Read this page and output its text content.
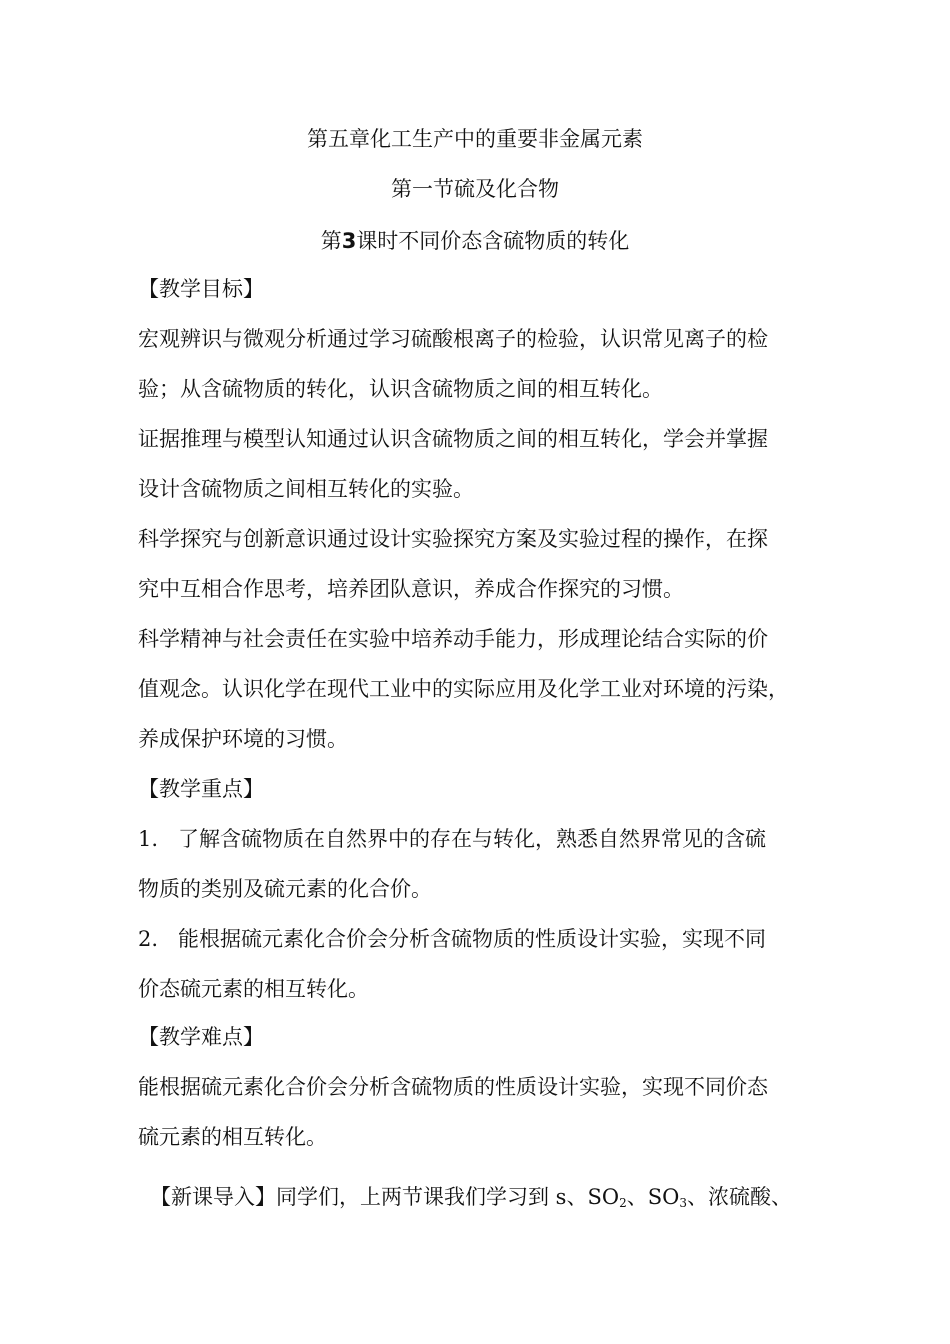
第五章化工生产中的重要非金属元素
第一节硫及化合物
第3课时不同价态含硫物质的转化
【教学目标】
宏观辨识与微观分析通过学习硫酸根离子的检验，认识常见离子的检
验；从含硫物质的转化，认识含硫物质之间的相互转化。
证据推理与模型认知通过认识含硫物质之间的相互转化，学会并掌握
设计含硫物质之间相互转化的实验。
科学探究与创新意识通过设计实验探究方案及实验过程的操作，在探
究中互相合作思考，培养团队意识，养成合作探究的习惯。
科学精神与社会责任在实验中培养动手能力，形成理论结合实际的价
值观念。认识化学在现代工业中的实际应用及化学工业对环境的污染，
养成保护环境的习惯。
【教学重点】
1. 了解含硫物质在自然界中的存在与转化，熟悉自然界常见的含硫
物质的类别及硫元素的化合价。
2. 能根据硫元素化合价会分析含硫物质的性质设计实验，实现不同
价态硫元素的相互转化。
【教学难点】
能根据硫元素化合价会分析含硫物质的性质设计实验，实现不同价态
硫元素的相互转化。
【新课导入】同学们，上两节课我们学习到 s、$SO_2$、$SO_3$、浓硫酸、
